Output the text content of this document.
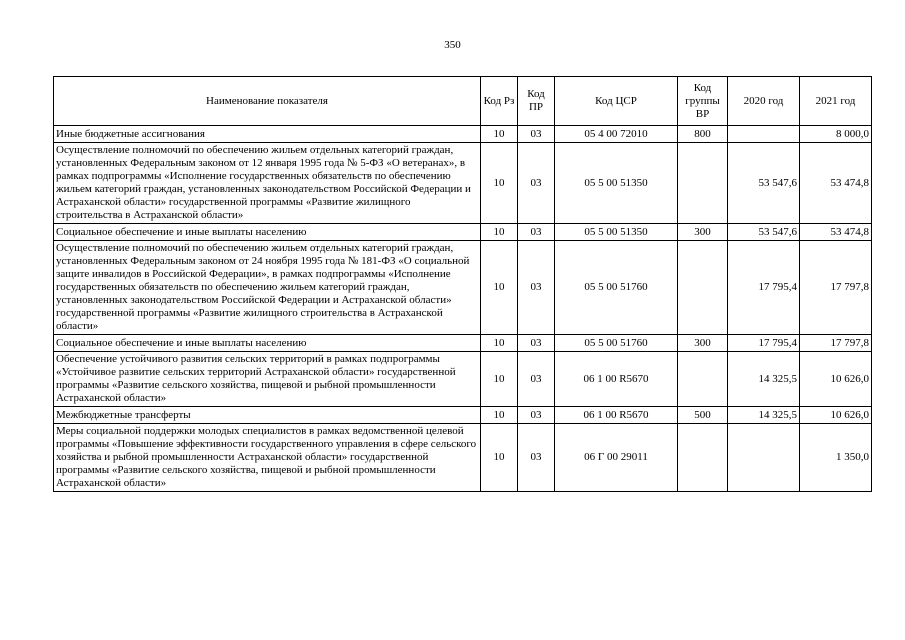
350
Наименование показателя	Код Рз	Код ПР	Код ЦСР	Код группы ВР	2020 год	2021 год
Иные бюджетные ассигнования	10	03	05 4 00 72010	800		8 000,0
Осуществление полномочий по обеспечению жильем отдельных категорий граждан, установленных Федеральным законом от 12 января 1995 года № 5-ФЗ «О ветеранах», в рамках подпрограммы «Исполнение государственных обязательств по обеспечению жильем категорий граждан, установленных законодательством Российской Федерации и Астраханской области» государственной программы «Развитие жилищного строительства в Астраханской области»	10	03	05 5 00 51350		53 547,6	53 474,8
Социальное обеспечение и иные выплаты населению	10	03	05 5 00 51350	300	53 547,6	53 474,8
Осуществление полномочий по обеспечению жильем отдельных категорий граждан, установленных Федеральным законом от 24 ноября 1995 года № 181-ФЗ «О социальной защите инвалидов в Российской Федерации», в рамках подпрограммы «Исполнение государственных обязательств по обеспечению жильем категорий граждан, установленных законодательством Российской Федерации и Астраханской области» государственной программы «Развитие жилищного строительства в Астраханской области»	10	03	05 5 00 51760		17 795,4	17 797,8
Социальное обеспечение и иные выплаты населению	10	03	05 5 00 51760	300	17 795,4	17 797,8
Обеспечение устойчивого развития сельских территорий в рамках подпрограммы «Устойчивое развитие сельских территорий Астраханской области» государственной программы «Развитие сельского хозяйства, пищевой и рыбной промышленности Астраханской области»	10	03	06 1 00 R5670		14 325,5	10 626,0
Межбюджетные трансферты	10	03	06 1 00 R5670	500	14 325,5	10 626,0
Меры социальной поддержки молодых специалистов в рамках ведомственной целевой программы «Повышение эффективности государственного управления в сфере сельского хозяйства и рыбной промышленности Астраханской области» государственной программы «Развитие сельского хозяйства, пищевой и рыбной промышленности Астраханской области»	10	03	06 Г 00 29011			1 350,0
